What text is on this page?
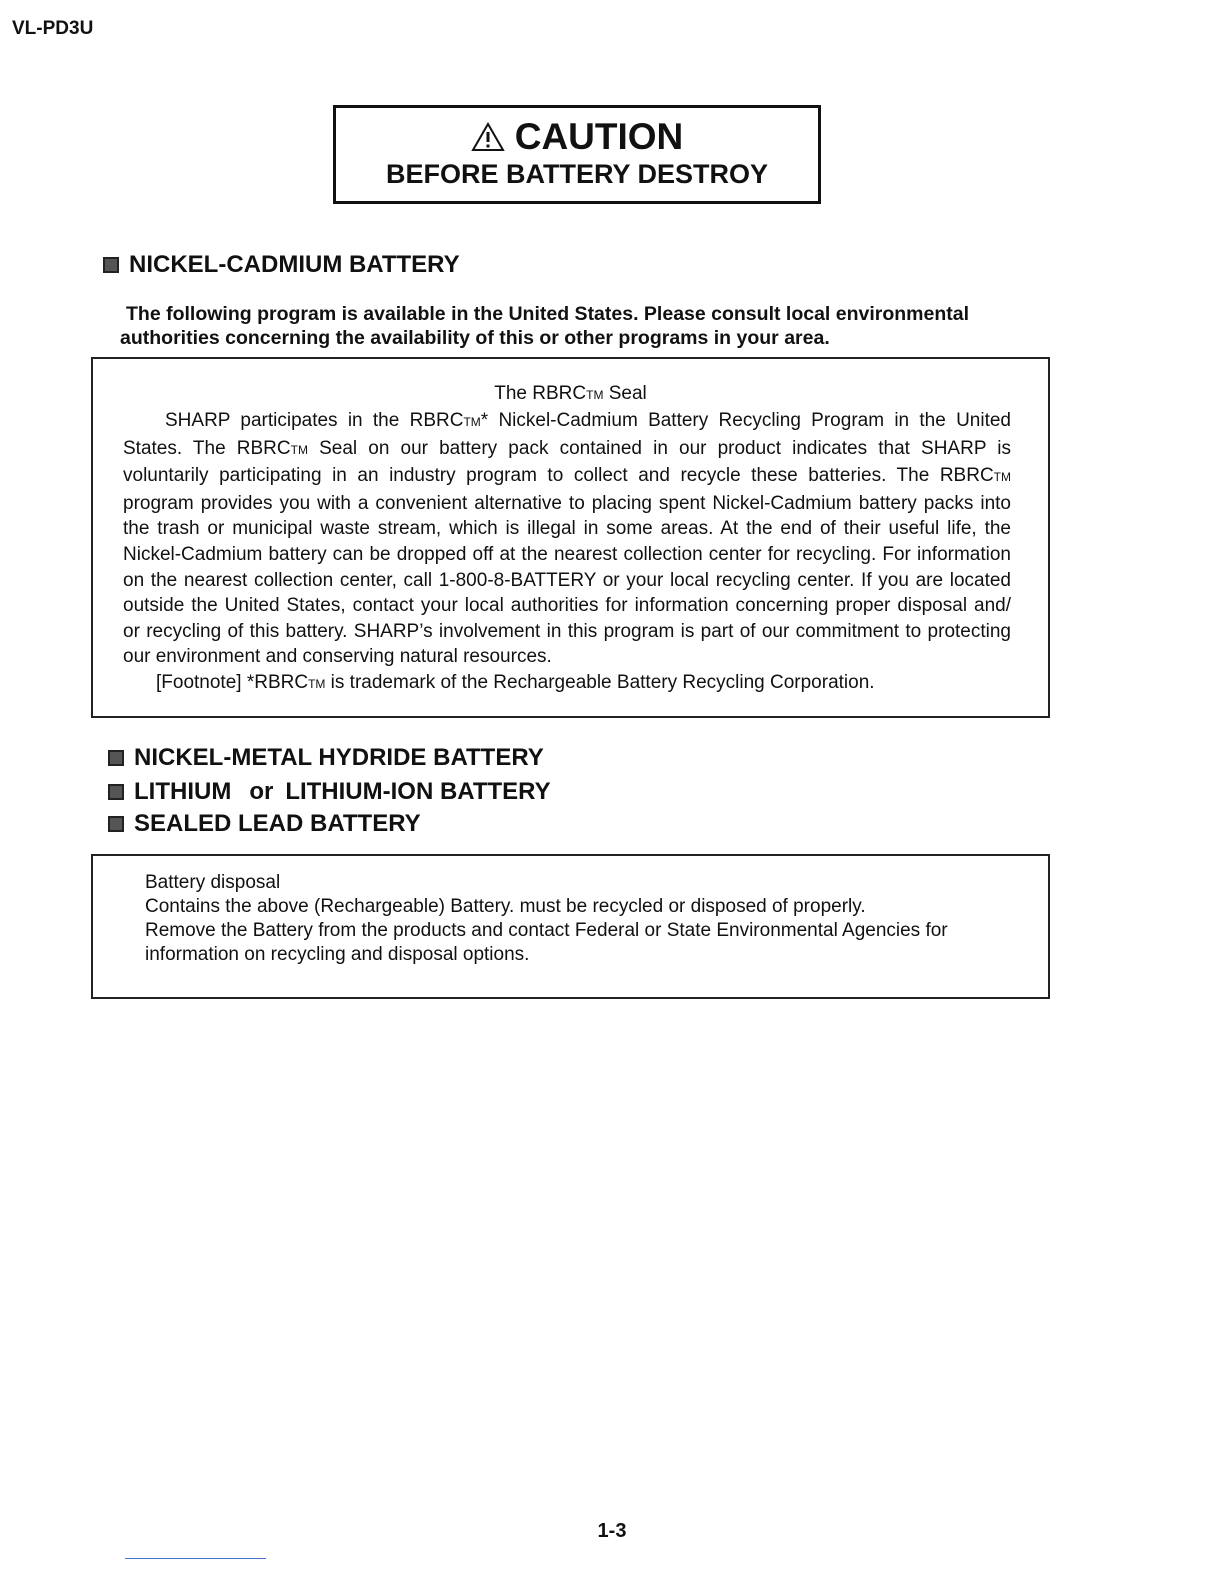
VL-PD3U
CAUTION
BEFORE BATTERY DESTROY
NICKEL-CADMIUM BATTERY
The following program is available in the United States. Please consult local environmental
authorities concerning the availability of this or other programs in your area.
The RBRCTM Seal

SHARP participates in the RBRCTM* Nickel-Cadmium Battery Recycling Program in the United States. The RBRCTM Seal on our battery pack contained in our product indicates that SHARP is voluntarily participating in an industry program to collect and recycle these batteries. The RBRCTM program provides you with a convenient alternative to placing spent Nickel-Cadmium battery packs into the trash or municipal waste stream, which is illegal in some areas. At the end of their useful life, the Nickel-Cadmium battery can be dropped off at the nearest collection center for recycling. For information on the nearest collection center, call 1-800-8-BATTERY or your local recycling center. If you are located outside the United States, contact your local authorities for information concerning proper disposal and/ or recycling of this battery. SHARP’s involvement in this program is part of our commitment to protecting our environment and conserving natural resources.

[Footnote] *RBRCTM is trademark of the Rechargeable Battery Recycling Corporation.

NICKEL-METAL HYDRIDE BATTERY
LITHIUM or LITHIUM-ION BATTERY
SEALED LEAD BATTERY
Battery disposal
Contains the above (Rechargeable) Battery. must be recycled or disposed of properly.
Remove the Battery from the products and contact Federal or State Environmental Agencies for
information on recycling and disposal options.
1-3
